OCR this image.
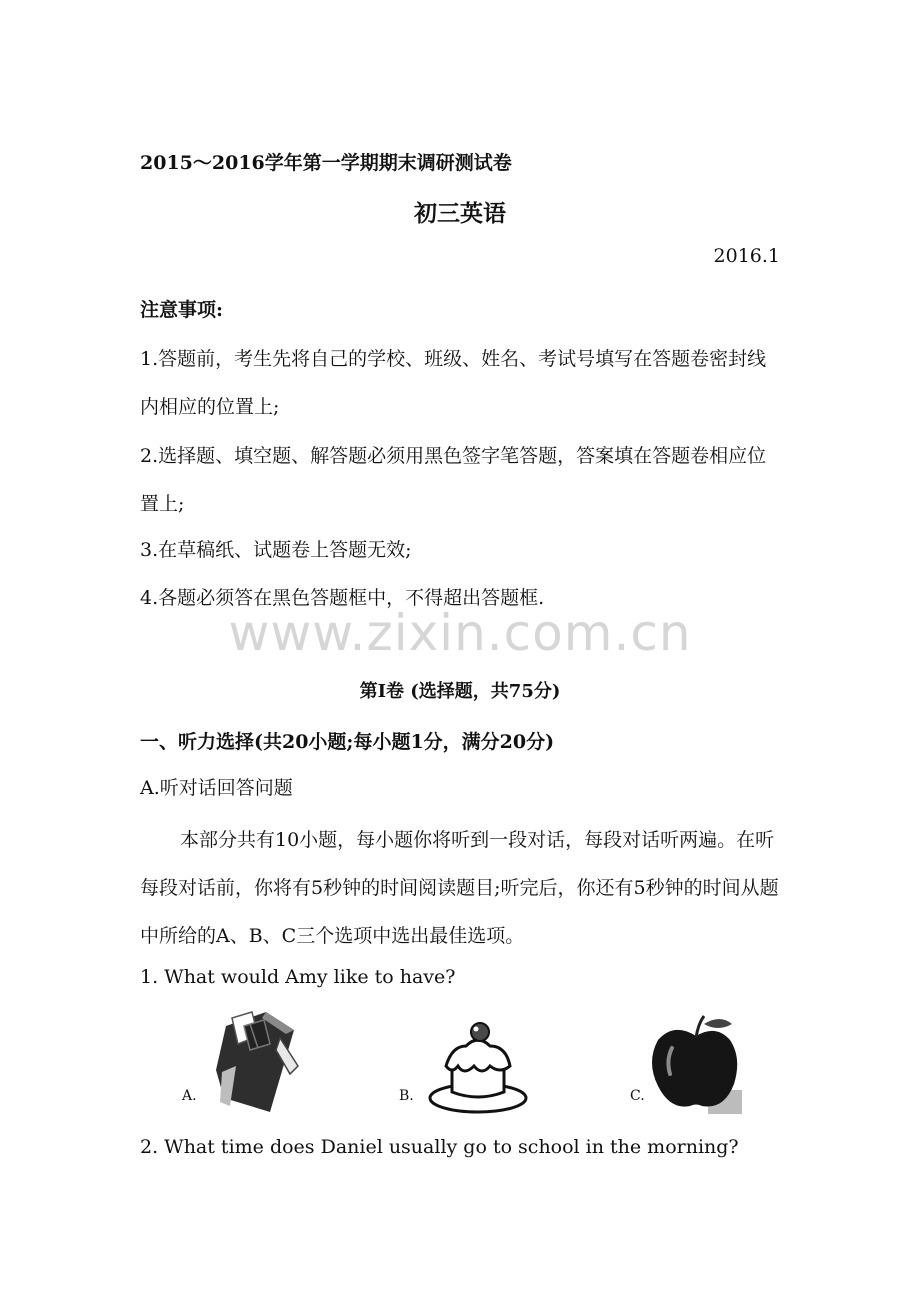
2015～2016学年第一学期期末调研测试卷
初三英语
2016.1
注意事项:
1.答题前，考生先将自己的学校、班级、姓名、考试号填写在答题卷密封线内相应的位置上;
2.选择题、填空题、解答题必须用黑色签字笔答题，答案填在答题卷相应位置上;
3.在草稿纸、试题卷上答题无效;
4.各题必须答在黑色答题框中，不得超出答题框.
www.zixin.com.cn
第I卷 (选择题，共75分)
一、听力选择(共20小题;每小题1分，满分20分)
A.听对话回答问题
本部分共有10小题，每小题你将听到一段对话，每段对话听两遍。在听每段对话前，你将有5秒钟的时间阅读题目;听完后，你还有5秒钟的时间从题中所给的A、B、C三个选项中选出最佳选项。
1. What would Amy like to have?
A.	B.	C.
2. What time does Daniel usually go to school in the morning?
